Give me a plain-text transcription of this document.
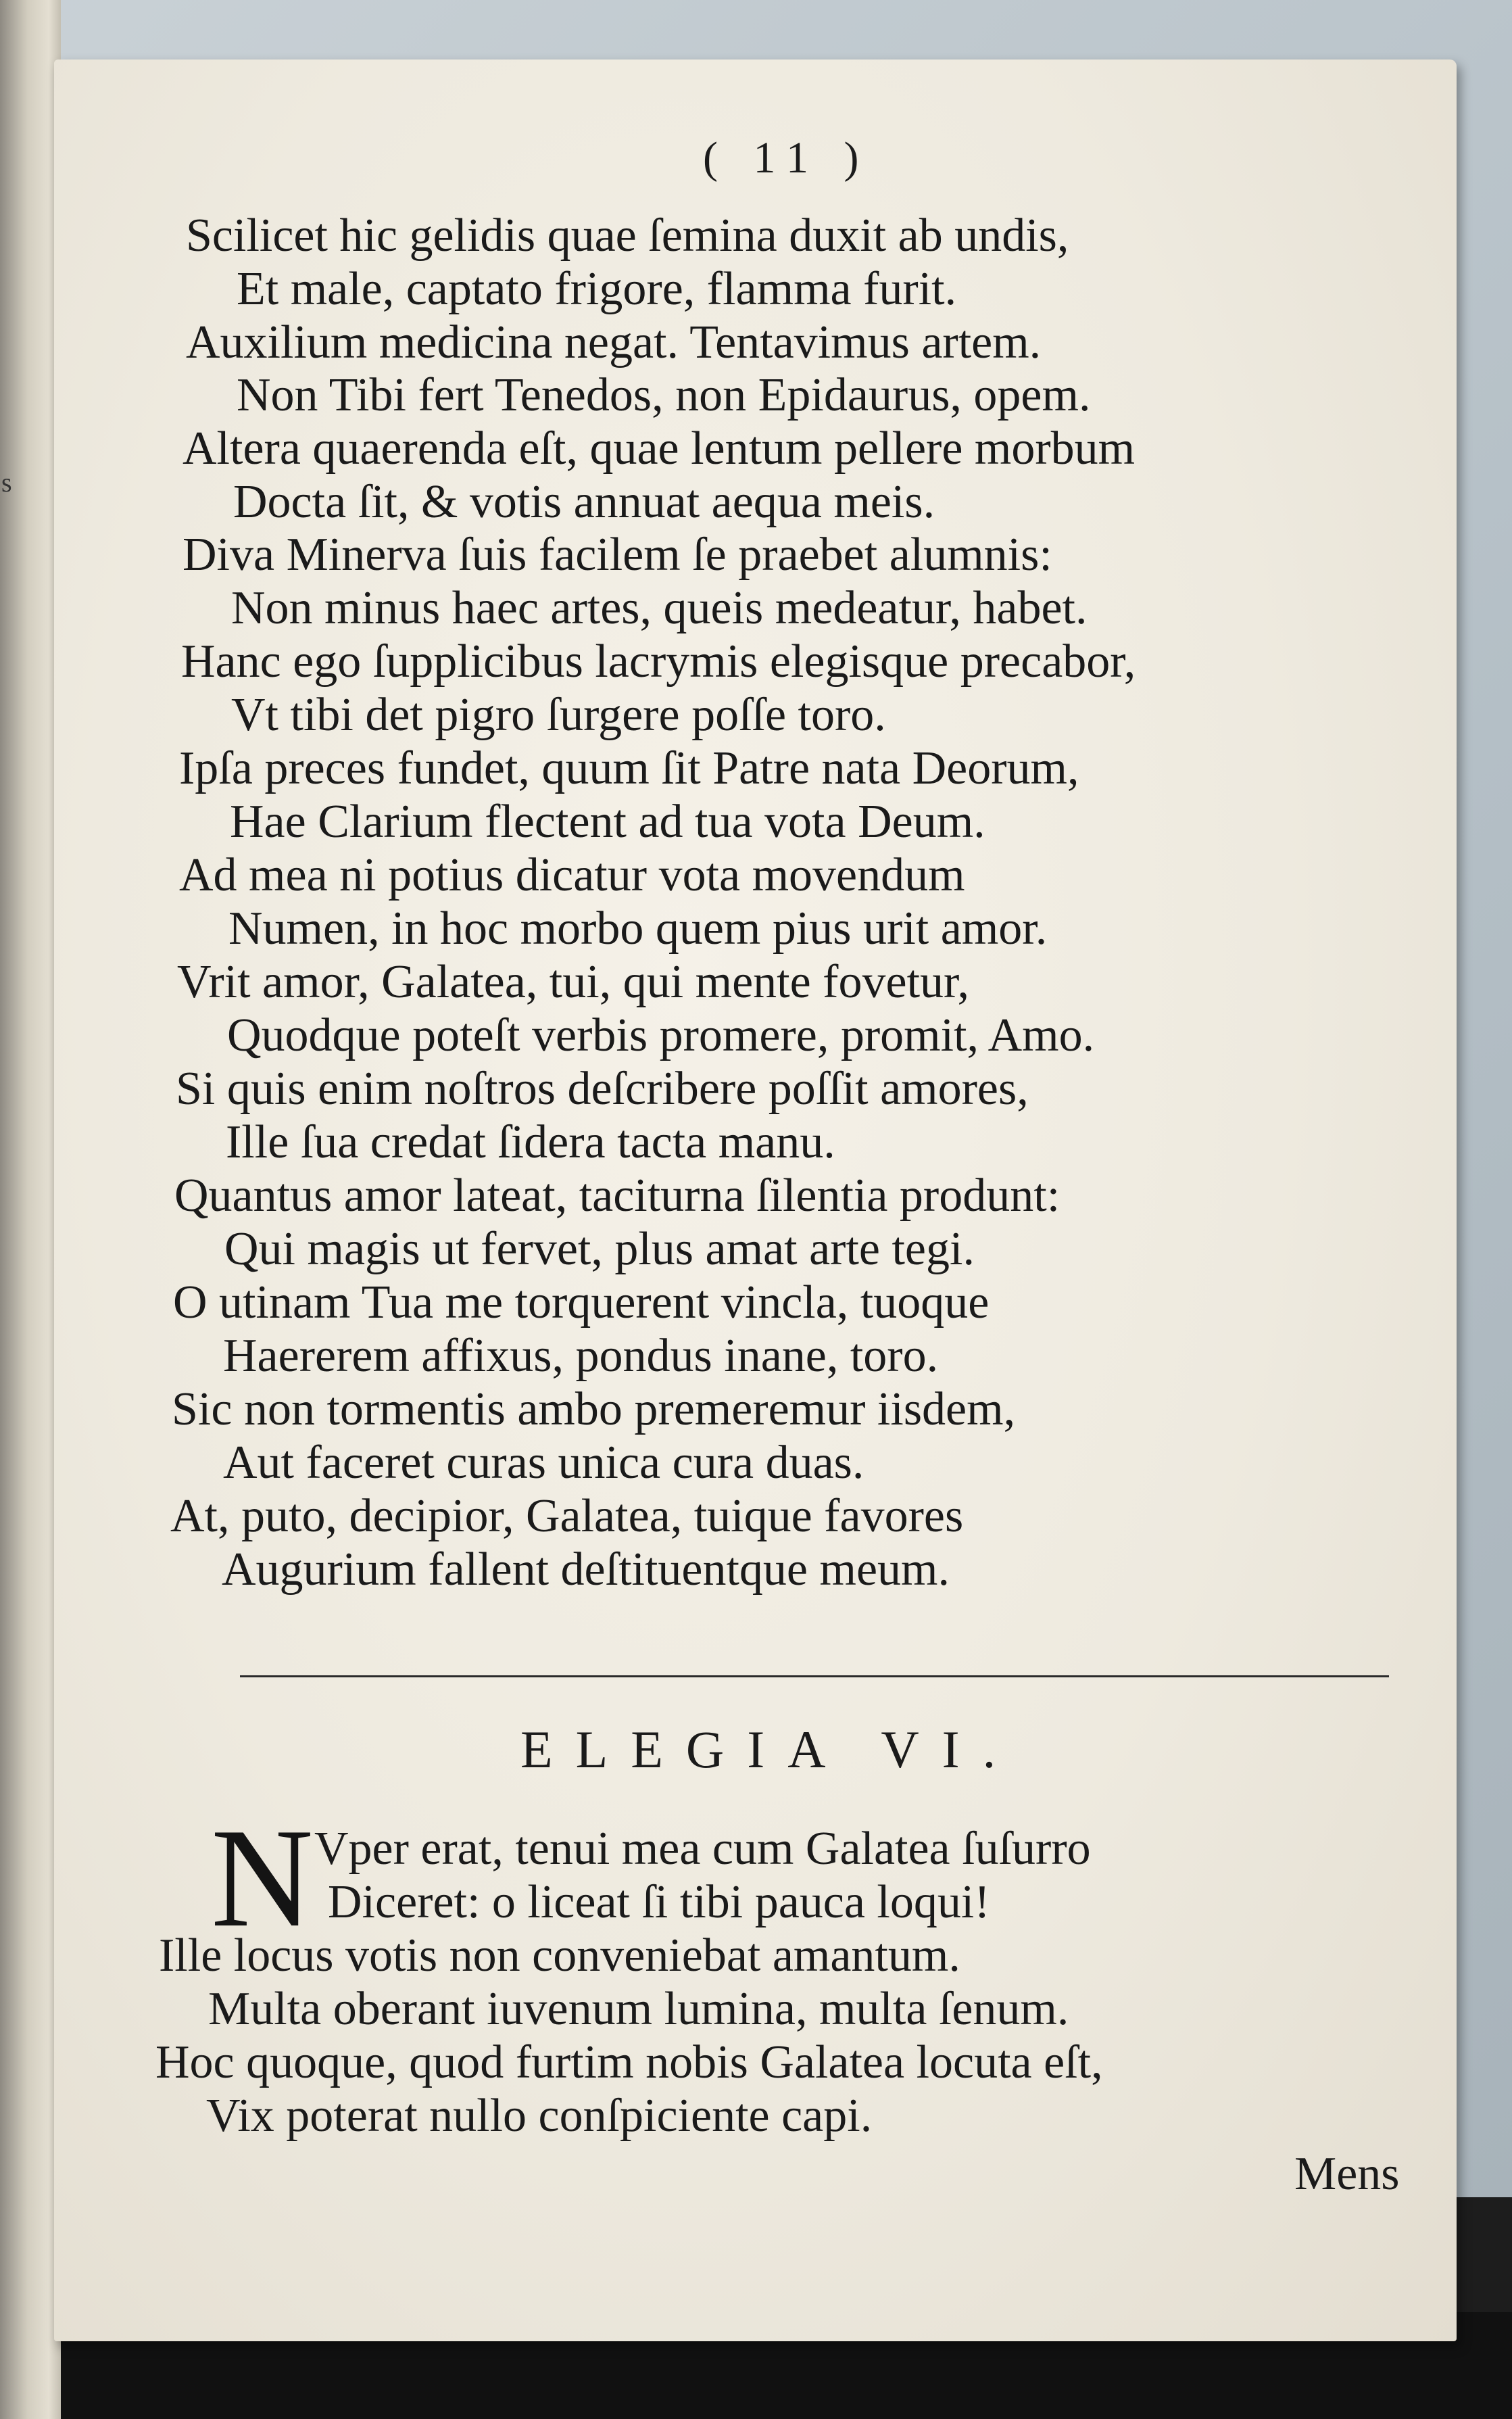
s
( 11 )
Scilicet hic gelidis quae ſemina duxit ab undis,
Et male, captato frigore, flamma furit.
Auxilium medicina negat. Tentavimus artem.
Non Tibi fert Tenedos, non Epidaurus, opem.
Altera quaerenda eſt, quae lentum pellere morbum
Docta ſit, & votis annuat aequa meis.
Diva Minerva ſuis facilem ſe praebet alumnis:
Non minus haec artes, queis medeatur, habet.
Hanc ego ſupplicibus lacrymis elegisque precabor,
Vt tibi det pigro ſurgere poſſe toro.
Ipſa preces fundet, quum ſit Patre nata Deorum,
Hae Clarium flectent ad tua vota Deum.
Ad mea ni potius dicatur vota movendum
Numen, in hoc morbo quem pius urit amor.
Vrit amor, Galatea, tui, qui mente fovetur,
Quodque poteſt verbis promere, promit, Amo.
Si quis enim noſtros deſcribere poſſit amores,
Ille ſua credat ſidera tacta manu.
Quantus amor lateat, taciturna ſilentia produnt:
Qui magis ut fervet, plus amat arte tegi.
O utinam Tua me torquerent vincla, tuoque
Haererem affixus, pondus inane, toro.
Sic non tormentis ambo premeremur iisdem,
Aut faceret curas unica cura duas.
At, puto, decipior, Galatea, tuique favores
Augurium fallent deſtituentque meum.
ELEGIA VI.
N Vper erat, tenui mea cum Galatea ſuſurro
Diceret: o liceat ſi tibi pauca loqui!
Ille locus votis non conveniebat amantum.
Multa oberant iuvenum lumina, multa ſenum.
Hoc quoque, quod furtim nobis Galatea locuta eſt,
Vix poterat nullo conſpiciente capi.
Mens
